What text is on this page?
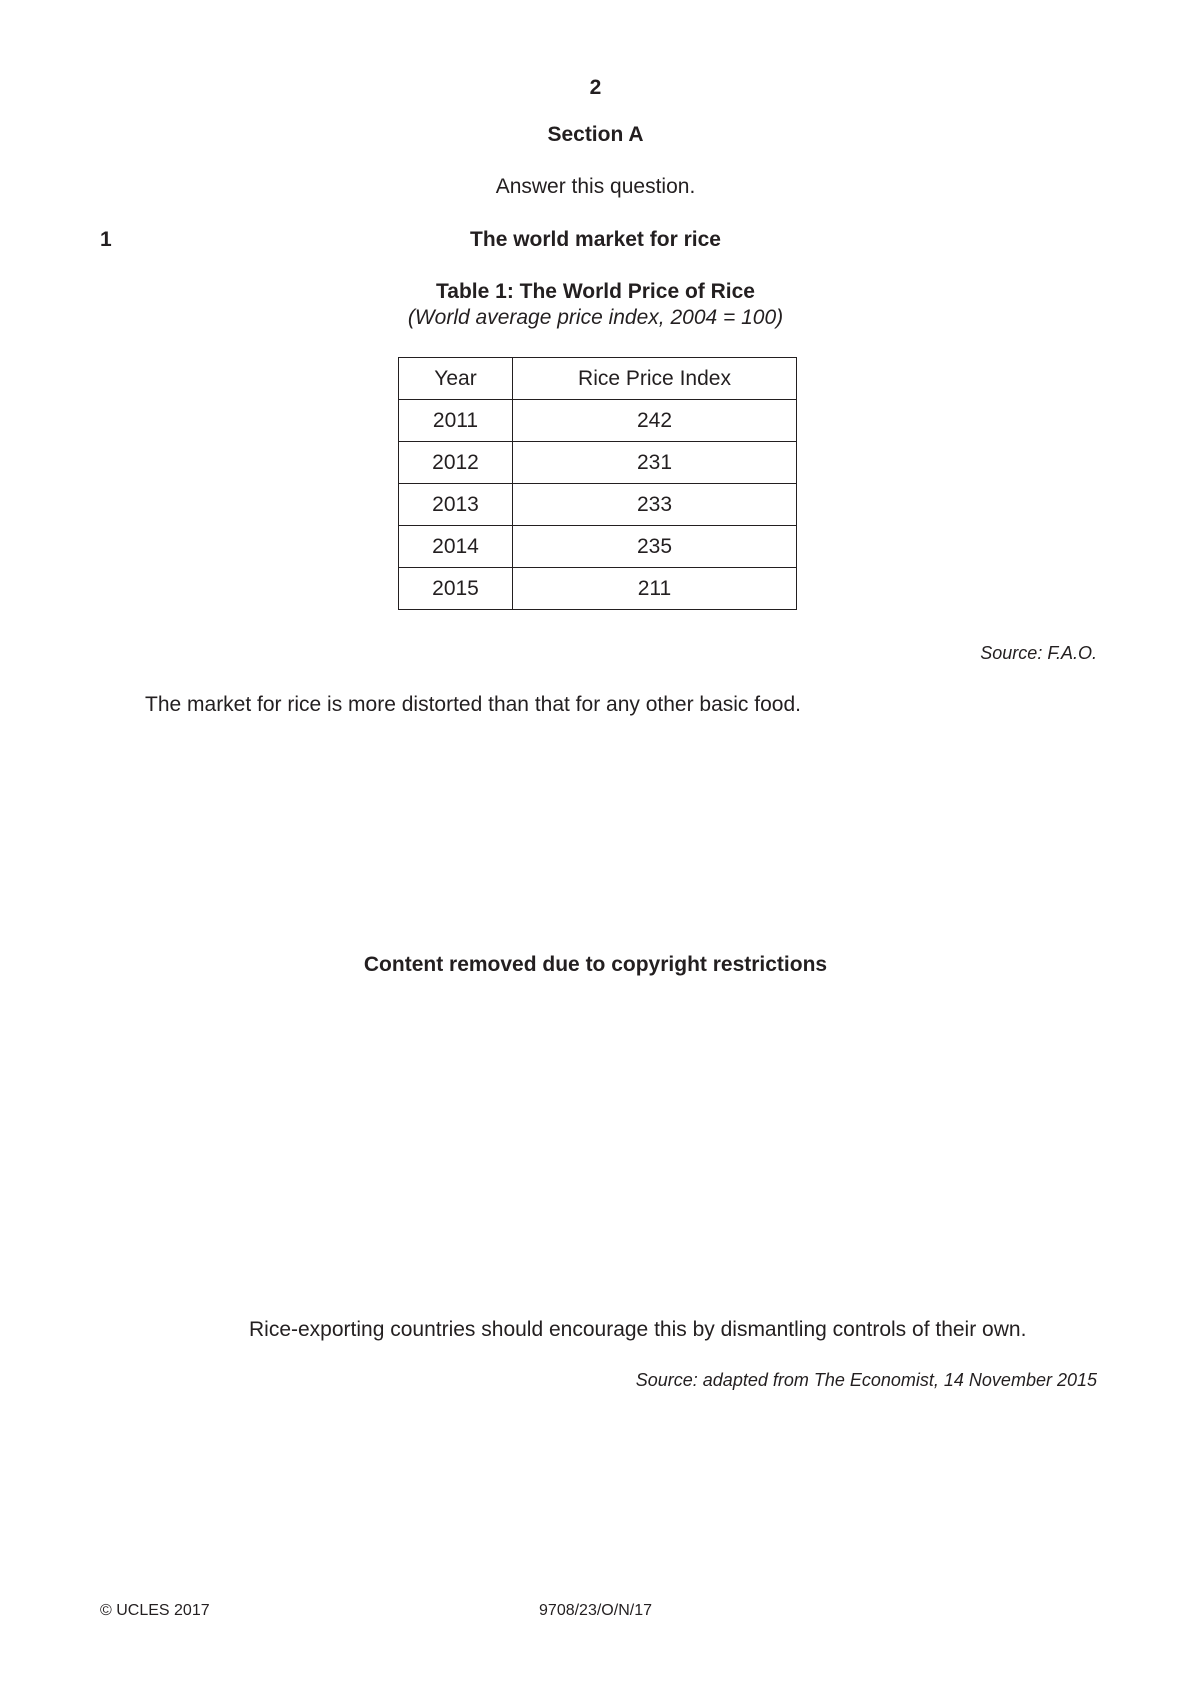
2
Section A
Answer this question.
1	The world market for rice
Table 1: The World Price of Rice
(World average price index, 2004 = 100)
Year	Rice Price Index
2011	242
2012	231
2013	233
2014	235
2015	211
Source: F.A.O.
The market for rice is more distorted than that for any other basic food.
Content removed due to copyright restrictions
Rice-exporting countries should encourage this by dismantling controls of their own.
Source: adapted from The Economist, 14 November 2015
© UCLES 2017	9708/23/O/N/17
